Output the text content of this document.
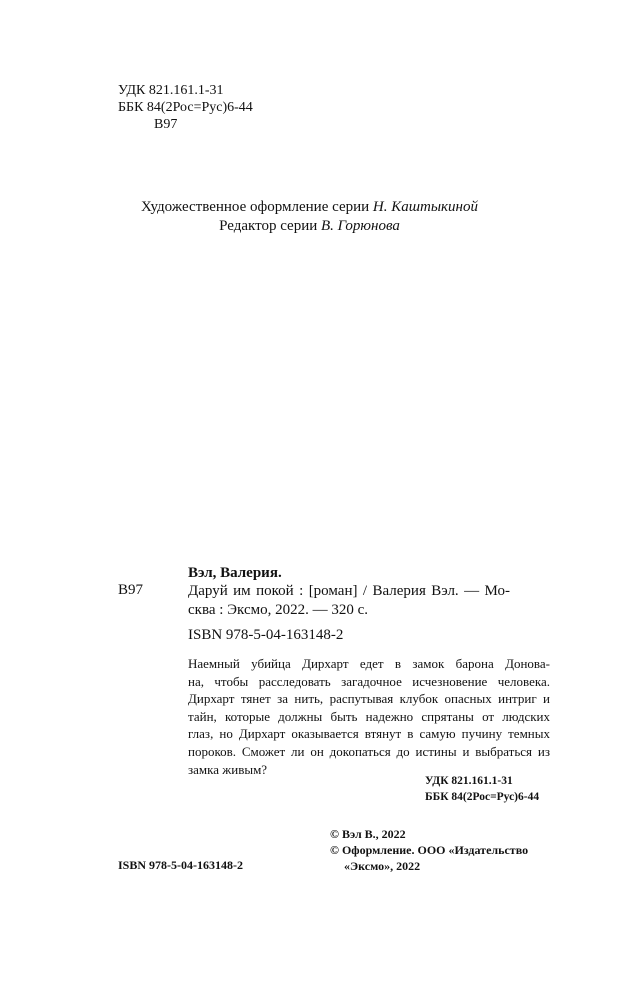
УДК 821.161.1-31
ББК 84(2Рос=Рус)6-44
В97
Художественное оформление серии Н. Каштыкиной
Редактор серии В. Горюнова
Вэл, Валерия.
В97	Даруй им покой : [роман] / Валерия Вэл. — Мо-
сква : Эксмо, 2022. — 320 с.
ISBN 978-5-04-163148-2
Наемный убийца Дирхарт едет в замок барона Донова-
на, чтобы расследовать загадочное исчезновение человека.
Дирхарт тянет за нить, распутывая клубок опасных интриг и
тайн, которые должны быть надежно спрятаны от людских
глаз, но Дирхарт оказывается втянут в самую пучину темных
пороков. Сможет ли он докопаться до истины и выбраться из
замка живым?
УДК 821.161.1-31
ББК 84(2Рос=Рус)6-44
© Вэл В., 2022
© Оформление. ООО «Издательство
«Эксмо», 2022
ISBN 978-5-04-163148-2
